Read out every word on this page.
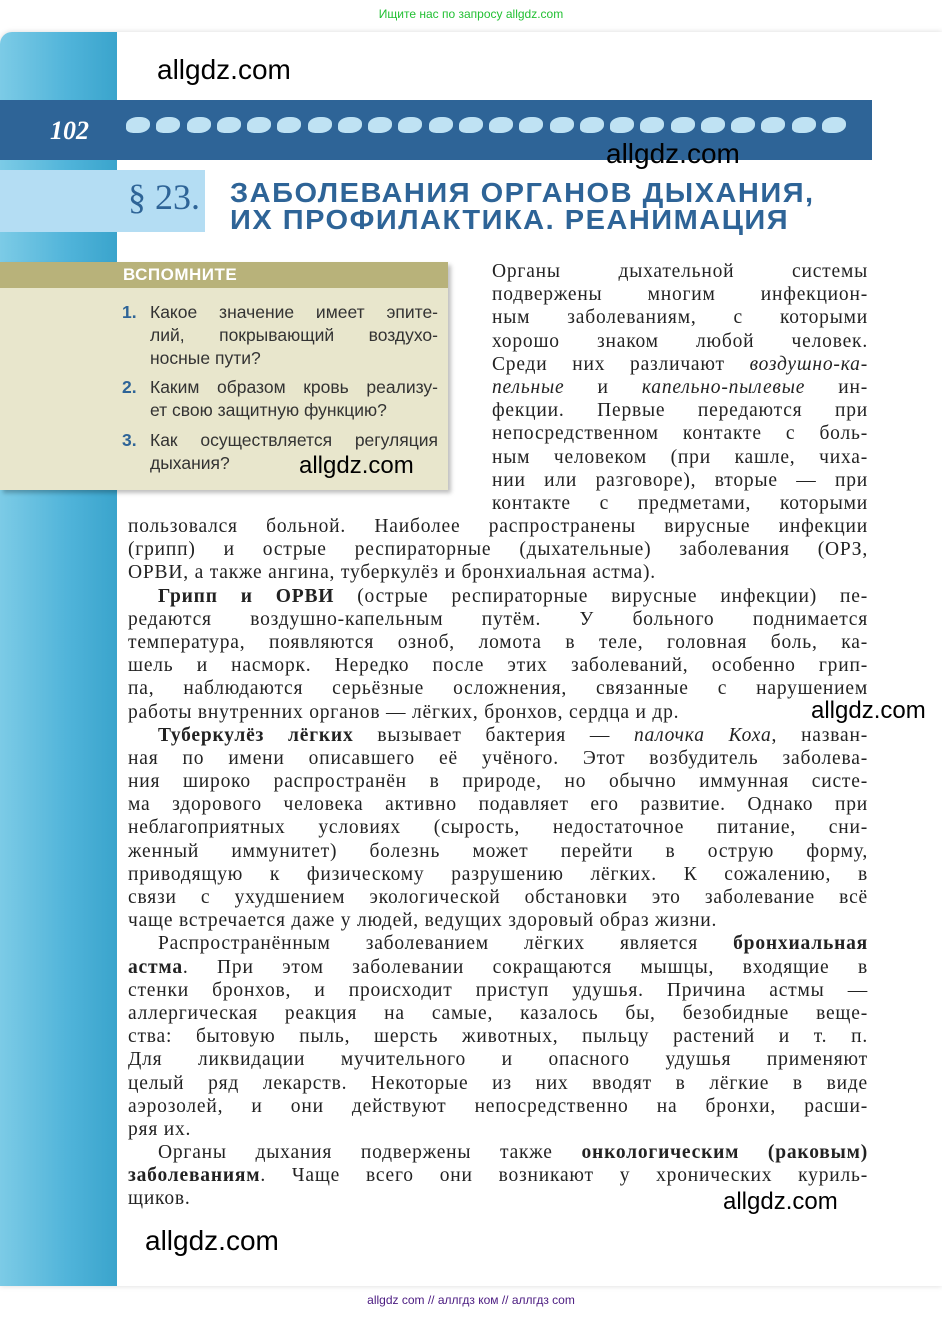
Ищите нас по запросу allgdz.com
102
§ 23. ЗАБОЛЕВАНИЯ ОРГАНОВ ДЫХАНИЯ,
ИХ ПРОФИЛАКТИКА. РЕАНИМАЦИЯ
ВСПОМНИТЕ
1. Какое значение имеет эпите-
лий, покрывающий воздухо-
носные пути?
2. Каким образом кровь реализу-
ет свою защитную функцию?
3. Как осуществляется регуляция
дыхания?
Органы дыхательной системы
подвержены многим инфекцион-
ным заболеваниям, с которыми
хорошо знаком любой человек.
Среди них различают воздушно-ка-
пельные и капельно-пылевые ин-
фекции. Первые передаются при
непосредственном контакте с боль-
ным человеком (при кашле, чиха-
нии или разговоре), вторые — при
контакте с предметами, которыми
пользовался больной. Наиболее распространены вирусные инфекции
(грипп) и острые респираторные (дыхательные) заболевания (ОРЗ,
ОРВИ, а также ангина, туберкулёз и бронхиальная астма).
Грипп и ОРВИ (острые респираторные вирусные инфекции) пе-
редаются воздушно-капельным путём. У больного поднимается
температура, появляются озноб, ломота в теле, головная боль, ка-
шель и насморк. Нередко после этих заболеваний, особенно грип-
па, наблюдаются серьёзные осложнения, связанные с нарушением
работы внутренних органов — лёгких, бронхов, сердца и др.
Туберкулёз лёгких вызывает бактерия — палочка Коха, назван-
ная по имени описавшего её учёного. Этот возбудитель заболева-
ния широко распространён в природе, но обычно иммунная систе-
ма здорового человека активно подавляет его развитие. Однако при
неблагоприятных условиях (сырость, недостаточное питание, сни-
женный иммунитет) болезнь может перейти в острую форму,
приводящую к физическому разрушению лёгких. К сожалению, в
связи с ухудшением экологической обстановки это заболевание всё
чаще встречается даже у людей, ведущих здоровый образ жизни.
Распространённым заболеванием лёгких является бронхиальная
астма. При этом заболевании сокращаются мышцы, входящие в
стенки бронхов, и происходит приступ удушья. Причина астмы —
аллергическая реакция на самые, казалось бы, безобидные веще-
ства: бытовую пыль, шерсть животных, пыльцу растений и т. п.
Для ликвидации мучительного и опасного удушья применяют
целый ряд лекарств. Некоторые из них вводят в лёгкие в виде
аэрозолей, и они действуют непосредственно на бронхи, расши-
ряя их.
Органы дыхания подвержены также онкологическим (раковым)
заболеваниям. Чаще всего они возникают у хронических куриль-
щиков.
allgdz.com
allgdz.com
allgdz.com
allgdz.com
allgdz.com
allgdz.com
allgdz com // аллгдз ком // аллгдз com
